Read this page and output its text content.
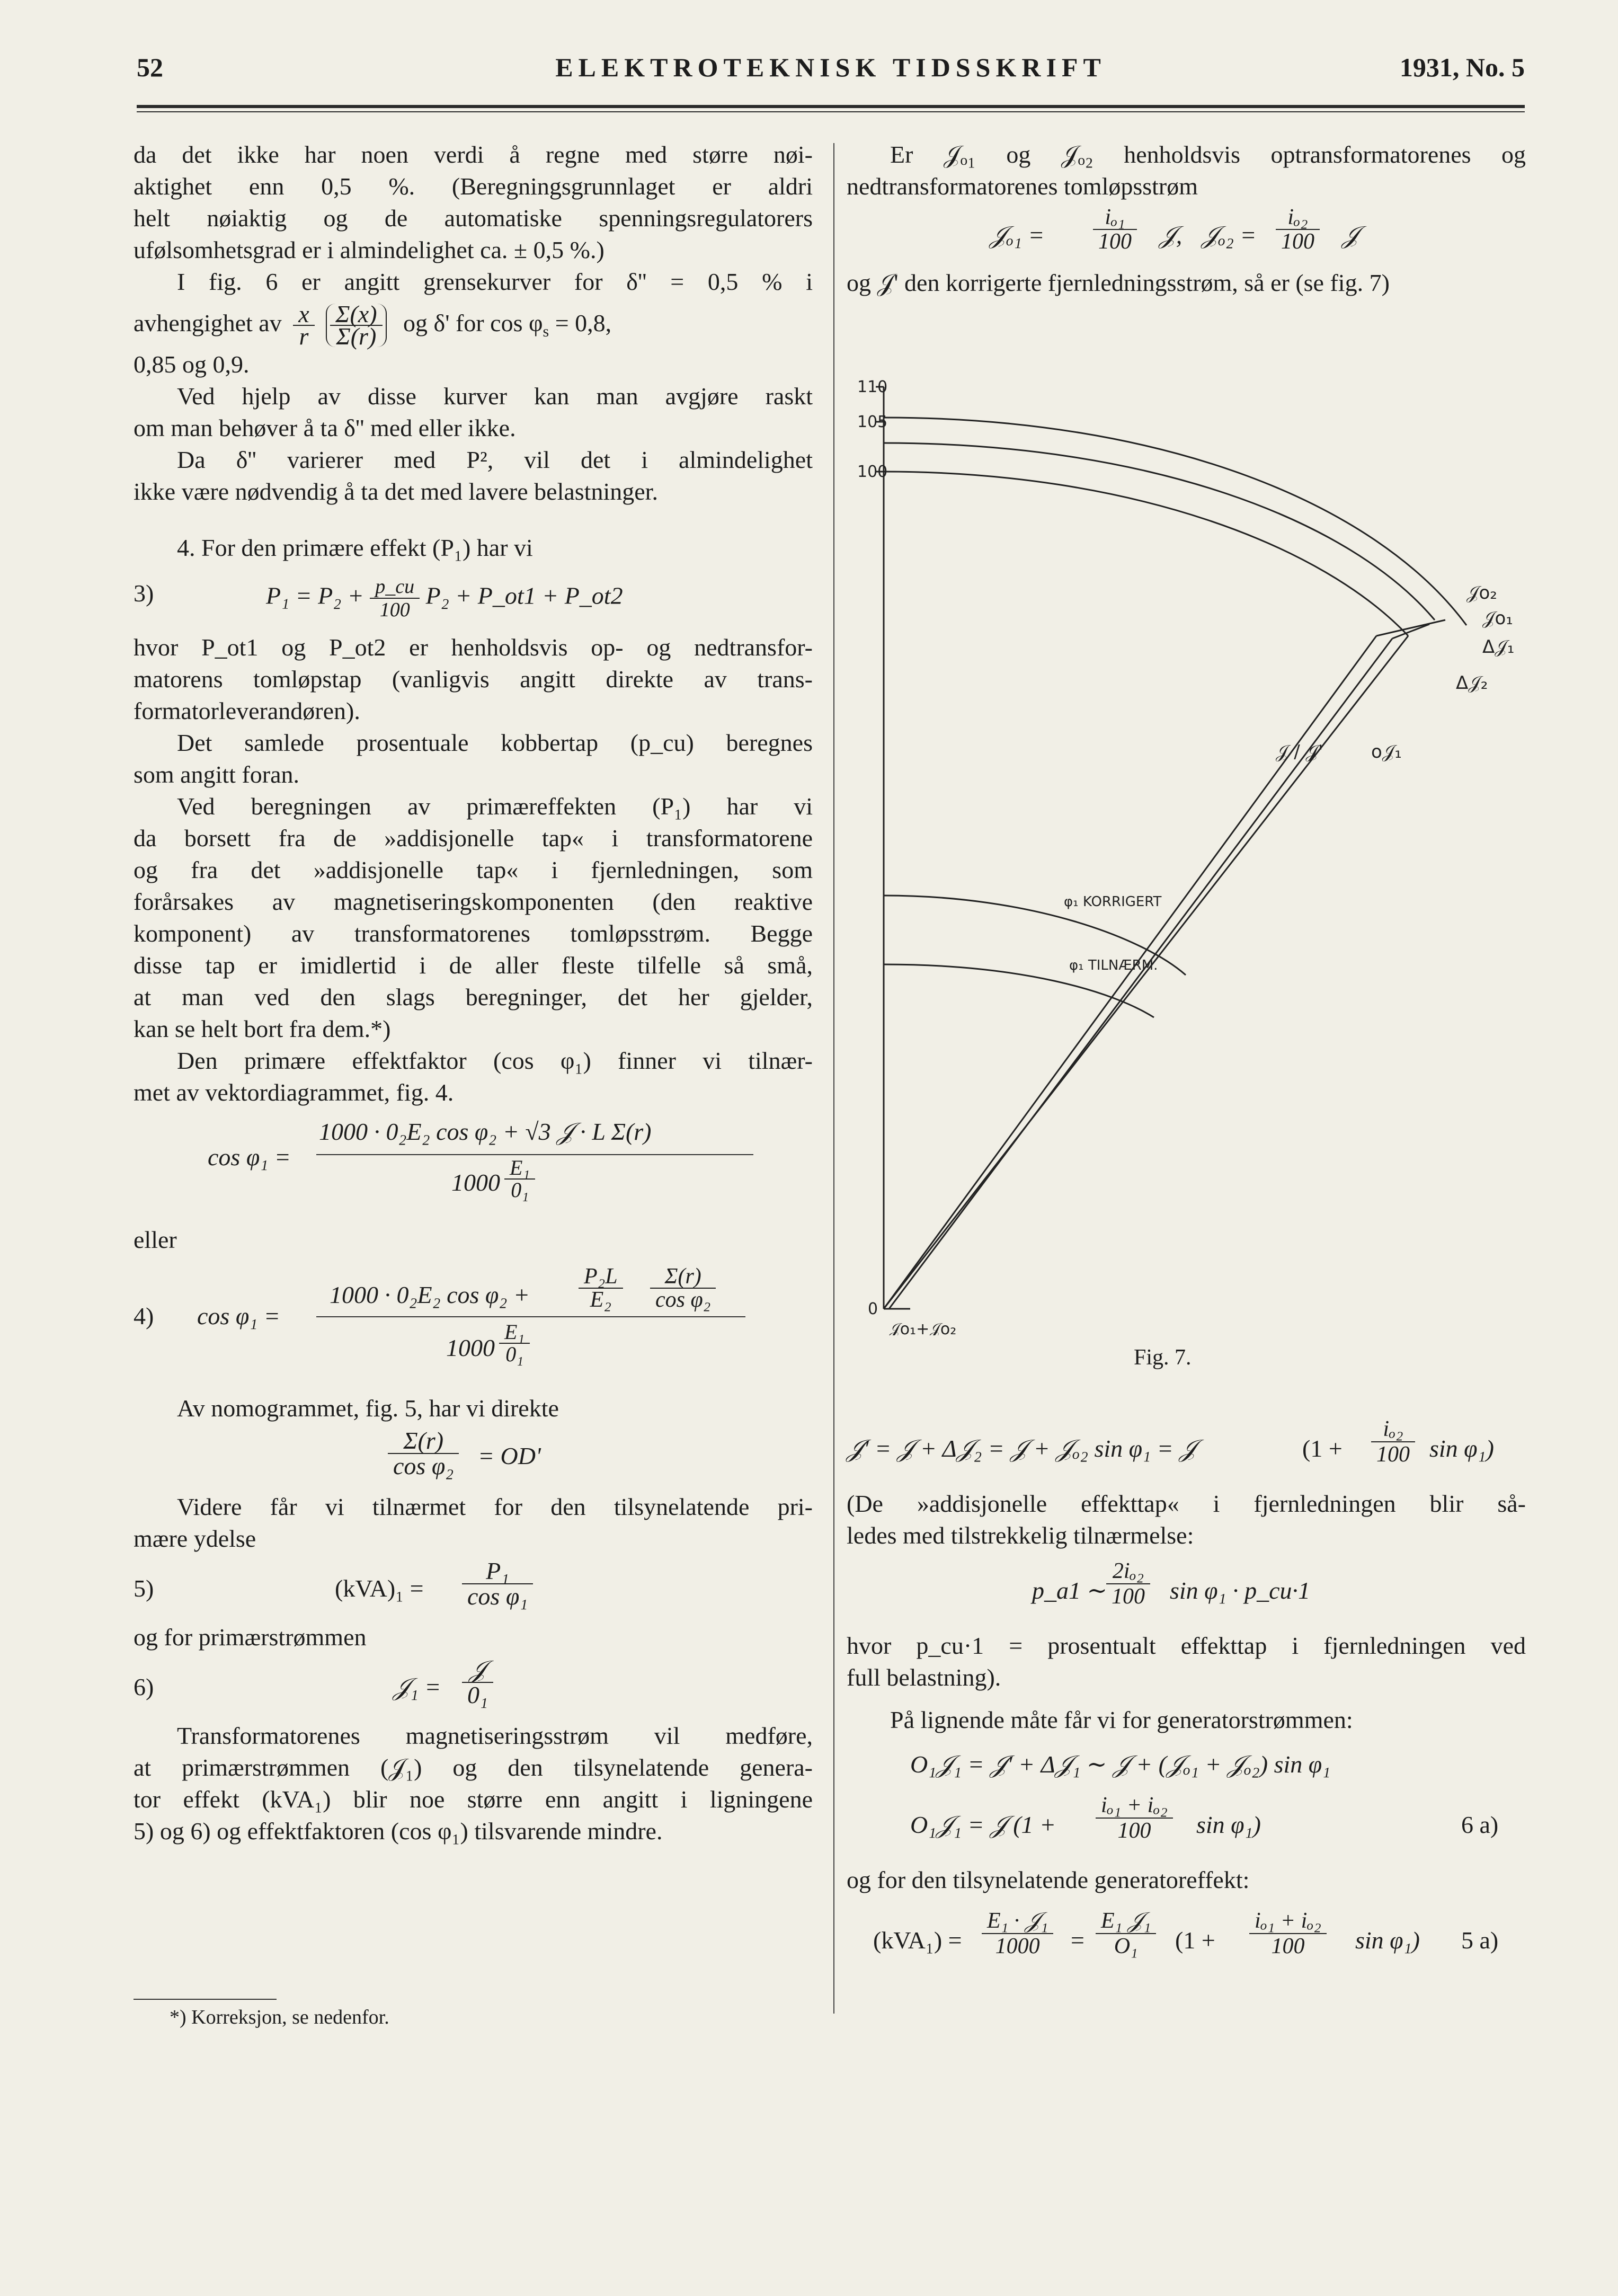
52	ELEKTROTEKNISK TIDSSKRIFT	1931, No. 5

da det ikke har noen verdi å regne med større nøi-

aktighet enn 0,5 %. (Beregningsgrunnlaget er aldri

helt nøiaktig og de automatiske spenningsregulatorers

ufølsomhetsgrad er i almindelighet ca. ± 0,5 %.)

I fig. 6 er angitt grensekurver for δ'' = 0,5 % i

avhengighet av $\frac{x}{r}$
$\frac{\Sigma(x)}{\Sigma(r)}$ og δ' for $\cos \varphi_s = 0,8$,

0,85 og 0,9.

Ved hjelp av disse kurver kan man avgjøre raskt

om man behøver å ta δ'' med eller ikke.

Da δ'' varierer med P², vil det i almindelighet

ikke være nødvendig å ta det med lavere belastninger.

4. For den primære effekt (P₁) har vi

3)	$P_1 = P_2 + \frac{p\_cu}{100} P_2$ + P_ot1 + P_ot2

hvor P_ot1 og P_ot2 er henholdsvis op- og nedtransfor-

matorens tomløpstap (vanligvis angitt direkte av trans-

formatorleverandøren).

Det samlede prosentuale kobbertap (p_cu) beregnes

som angitt foran.

Ved beregningen av primæreffekten (P₁) har vi

da borsett fra de »addisjonelle tap« i transformatorene

og fra det »addisjonelle tap« i fjernledningen, som

forårsakes av magnetiseringskomponenten (den reaktive

komponent) av transformatorenes tomløpsstrøm. Begge

disse tap er imidlertid i de aller fleste tilfelle så små,

at man ved den slags beregninger, det her gjelder,

kan se helt bort fra dem.*)

Den primære effektfaktor (cos φ₁) finner vi tilnær-

met av vektordiagrammet, fig. 4.

cos φ₁ =
1000 · 0₂E₂ cos φ₂ + √3 𝒥 · L Σ(r)
$1000 \frac{\text{E₁}}{\text{0₁}}$

eller

4) cos φ₁ =
1000 · 0₂E₂ $\cos \varphi_2 + \frac{\text{P₂L}}{\text{E₂}} \frac{\Sigma(r)}{\text{cos φ₂}}$
$1000 \frac{\text{E₁}}{\text{0₁}}$

Av nomogrammet, fig. 5, har vi direkte

$\frac{\Sigma(r)}{\text{cos φ₂}} = OD'$

Videre får vi tilnærmet for den tilsynelatende pri-

mære ydelse

5)	$(kVA)_1 = \frac{\text{P₁}}{\text{cos φ₁}}$

og for primærstrømmen

6)	𝒥₁ =
𝒥
0₁

Transformatorenes magnetiseringsstrøm vil medføre,

at primærstrømmen (𝒥₁) og den tilsynelatende genera-

tor effekt (kVA₁) blir noe større enn angitt i ligningene

5) og 6) og effektfaktoren (cos φ₁) tilsvarende mindre.

*) Korreksjon, se nedenfor.

Er 𝒥ₒ₁ og 𝒥ₒ₂ henholdsvis optransformatorenes og

nedtransformatorenes tomløpsstrøm

𝒥ₒ₁ = $\frac{\text{iₒ₁}}{100}$ 𝒥, 𝒥ₒ₂ = $\frac{\text{iₒ₂}}{100}$ 𝒥

og 𝒥' den korrigerte fjernledningsstrøm, så er (se fig. 7)

110
105
100
0
𝒥o₂
𝒥o₁
Δ𝒥₁
Δ𝒥₂
𝒥 / 𝒥'	o𝒥₁
φ₁ KORRIGERT
φ₁ TILNÆRM.
𝒥o₁+𝒥o₂
Fig. 7.
𝒥' = 𝒥 + Δ𝒥₂ = 𝒥 + 𝒥ₒ₂ sin φ₁ = 𝒥	($1 + \frac{\text{iₒ₂}}{100}$ sin φ₁)

(De »addisjonelle effekttap« i fjernledningen blir så-

ledes med tilstrekkelig tilnærmelse:

p_a1 ∼
$\frac{\text{2iₒ₂}}{100}$ sin φ₁ · p_cu·1

hvor p_cu·1 = prosentualt effekttap i fjernledningen ved

full belastning).

På lignende måte får vi for generatorstrømmen:

O₁𝒥₁ = 𝒥' + Δ𝒥₁ ∼ 𝒥 + (𝒥ₒ₁ + 𝒥ₒ₂) sin φ₁
O₁𝒥₁ = 𝒥 ($1 + \frac{\text{iₒ₁ + iₒ₂}}{100}$ sin φ₁)	6 a)

og for den tilsynelatende generatoreffekt:

(kVA₁) =
E₁ · 𝒥₁
1000	=
E₁ 𝒥₁
O₁	($1 + \frac{\text{iₒ₁ + iₒ₂}}{100}$ sin φ₁) 5 a)
